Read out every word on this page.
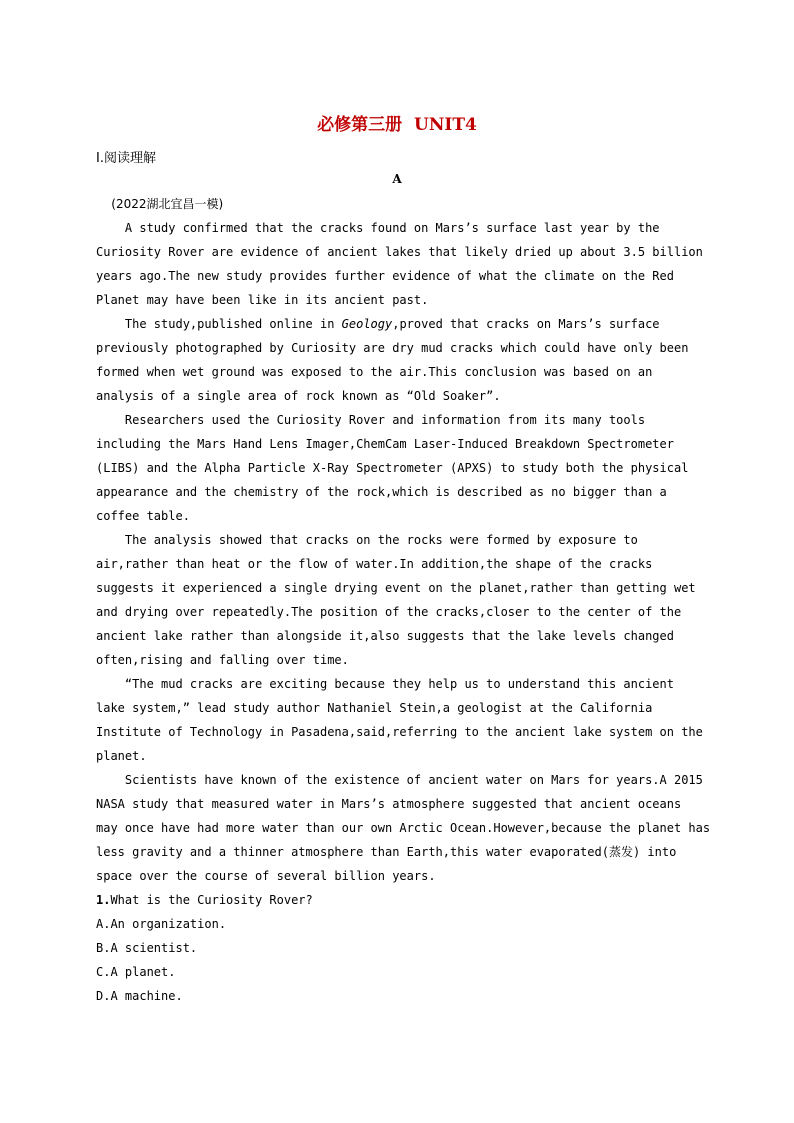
必修第三册  UNIT4
Ⅰ.阅读理解
A
(2022湖北宜昌一模)
A study confirmed that the cracks found on Mars’s surface last year by the
Curiosity Rover are evidence of ancient lakes that likely dried up about 3.5 billion
years ago.The new study provides further evidence of what the climate on the Red
Planet may have been like in its ancient past.
The study,published online in Geology,proved that cracks on Mars’s surface
previously photographed by Curiosity are dry mud cracks which could have only been
formed when wet ground was exposed to the air.This conclusion was based on an
analysis of a single area of rock known as “Old Soaker”.
Researchers used the Curiosity Rover and information from its many tools
including the Mars Hand Lens Imager,ChemCam Laser-Induced Breakdown Spectrometer
(LIBS) and the Alpha Particle X-Ray Spectrometer (APXS) to study both the physical
appearance and the chemistry of the rock,which is described as no bigger than a
coffee table.
The analysis showed that cracks on the rocks were formed by exposure to
air,rather than heat or the flow of water.In addition,the shape of the cracks
suggests it experienced a single drying event on the planet,rather than getting wet
and drying over repeatedly.The position of the cracks,closer to the center of the
ancient lake rather than alongside it,also suggests that the lake levels changed
often,rising and falling over time.
“The mud cracks are exciting because they help us to understand this ancient
lake system,” lead study author Nathaniel Stein,a geologist at the California
Institute of Technology in Pasadena,said,referring to the ancient lake system on the
planet.
Scientists have known of the existence of ancient water on Mars for years.A 2015
NASA study that measured water in Mars’s atmosphere suggested that ancient oceans
may once have had more water than our own Arctic Ocean.However,because the planet has
less gravity and a thinner atmosphere than Earth,this water evaporated(蒸发) into
space over the course of several billion years.
1.What is the Curiosity Rover?
A.An organization.
B.A scientist.
C.A planet.
D.A machine.
